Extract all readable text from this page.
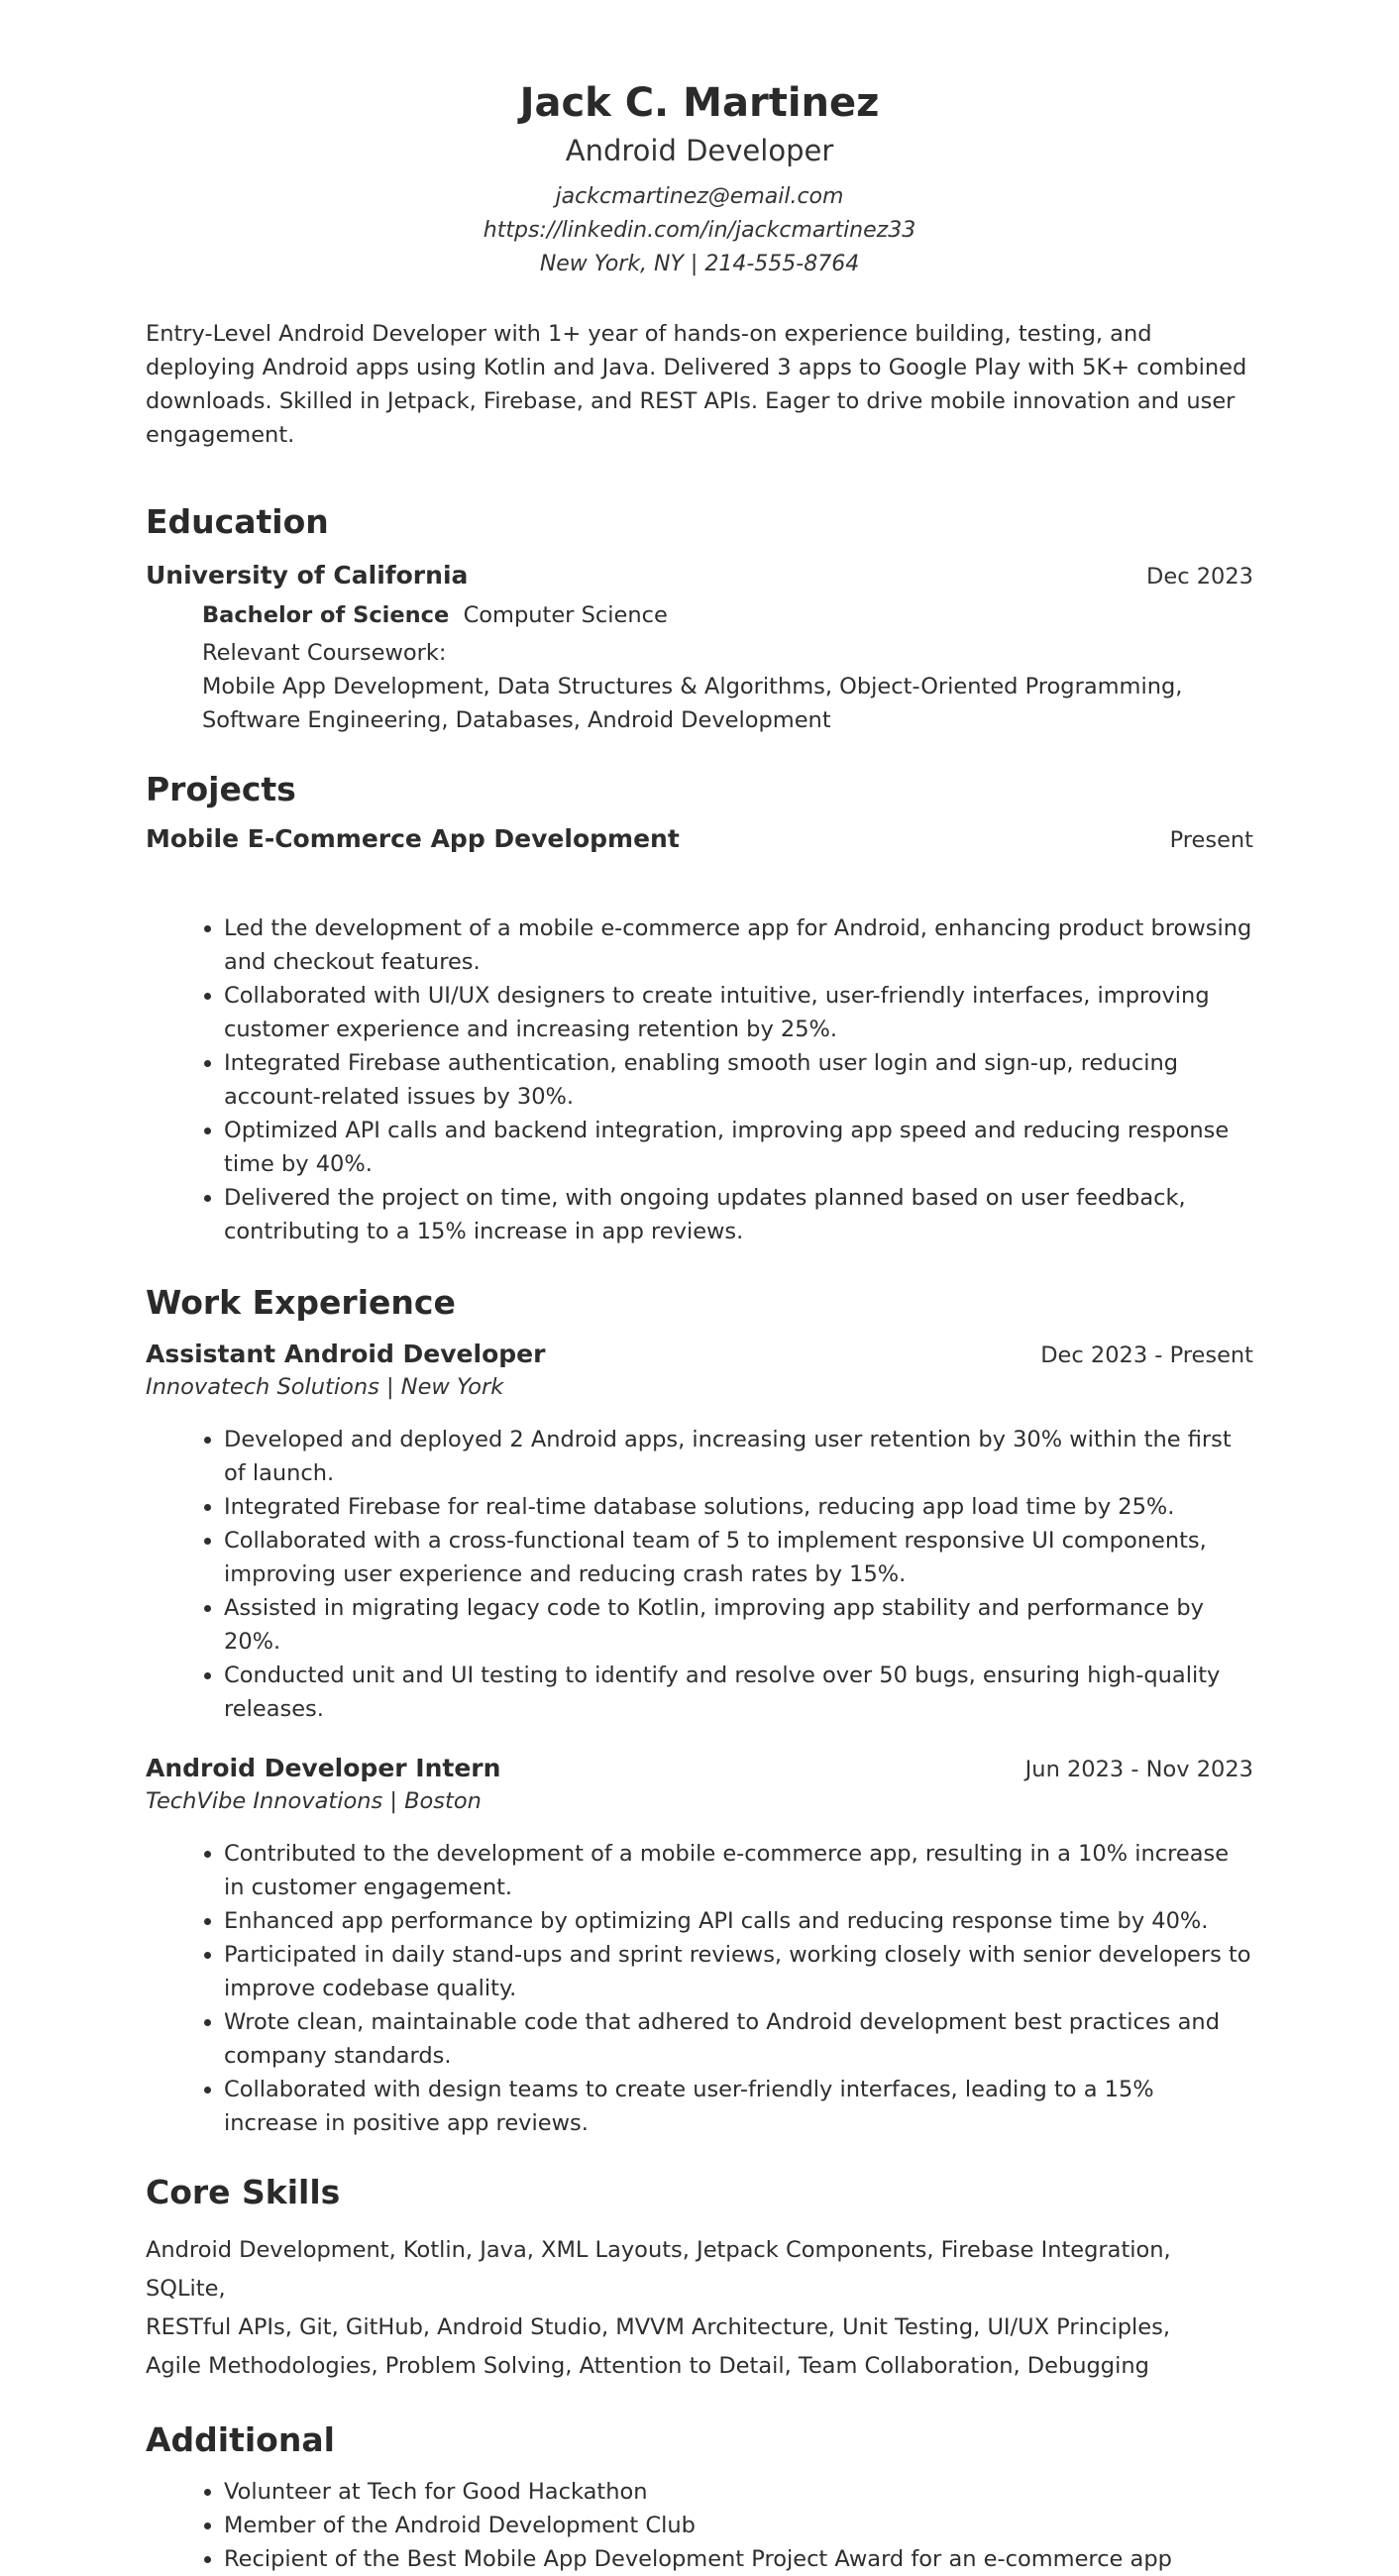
Jack C. Martinez
Android Developer
jackcmartinez@email.com
https://linkedin.com/in/jackcmartinez33
New York, NY | 214-555-8764
Entry-Level Android Developer with 1+ year of hands-on experience building, testing, and deploying Android apps using Kotlin and Java. Delivered 3 apps to Google Play with 5K+ combined downloads. Skilled in Jetpack, Firebase, and REST APIs. Eager to drive mobile innovation and user engagement.
Education
University of California	Dec 2023
Bachelor of Science Computer Science
Relevant Coursework:
Mobile App Development, Data Structures & Algorithms, Object-Oriented Programming, Software Engineering, Databases, Android Development
Projects
Mobile E-Commerce App Development	Present
• Led the development of a mobile e-commerce app for Android, enhancing product browsing and checkout features.
• Collaborated with UI/UX designers to create intuitive, user-friendly interfaces, improving customer experience and increasing retention by 25%.
• Integrated Firebase authentication, enabling smooth user login and sign-up, reducing account-related issues by 30%.
• Optimized API calls and backend integration, improving app speed and reducing response time by 40%.
• Delivered the project on time, with ongoing updates planned based on user feedback, contributing to a 15% increase in app reviews.
Work Experience
Assistant Android Developer	Dec 2023 - Present
Innovatech Solutions | New York
• Developed and deployed 2 Android apps, increasing user retention by 30% within the first of launch.
• Integrated Firebase for real-time database solutions, reducing app load time by 25%.
• Collaborated with a cross-functional team of 5 to implement responsive UI components, improving user experience and reducing crash rates by 15%.
• Assisted in migrating legacy code to Kotlin, improving app stability and performance by 20%.
• Conducted unit and UI testing to identify and resolve over 50 bugs, ensuring high-quality releases.
Android Developer Intern	Jun 2023 - Nov 2023
TechVibe Innovations | Boston
• Contributed to the development of a mobile e-commerce app, resulting in a 10% increase in customer engagement.
• Enhanced app performance by optimizing API calls and reducing response time by 40%.
• Participated in daily stand-ups and sprint reviews, working closely with senior developers to improve codebase quality.
• Wrote clean, maintainable code that adhered to Android development best practices and company standards.
• Collaborated with design teams to create user-friendly interfaces, leading to a 15% increase in positive app reviews.
Core Skills
Android Development, Kotlin, Java, XML Layouts, Jetpack Components, Firebase Integration, SQLite,
RESTful APIs, Git, GitHub, Android Studio, MVVM Architecture, Unit Testing, UI/UX Principles,
Agile Methodologies, Problem Solving, Attention to Detail, Team Collaboration, Debugging
Additional
• Volunteer at Tech for Good Hackathon
• Member of the Android Development Club
• Recipient of the Best Mobile App Development Project Award for an e-commerce app
